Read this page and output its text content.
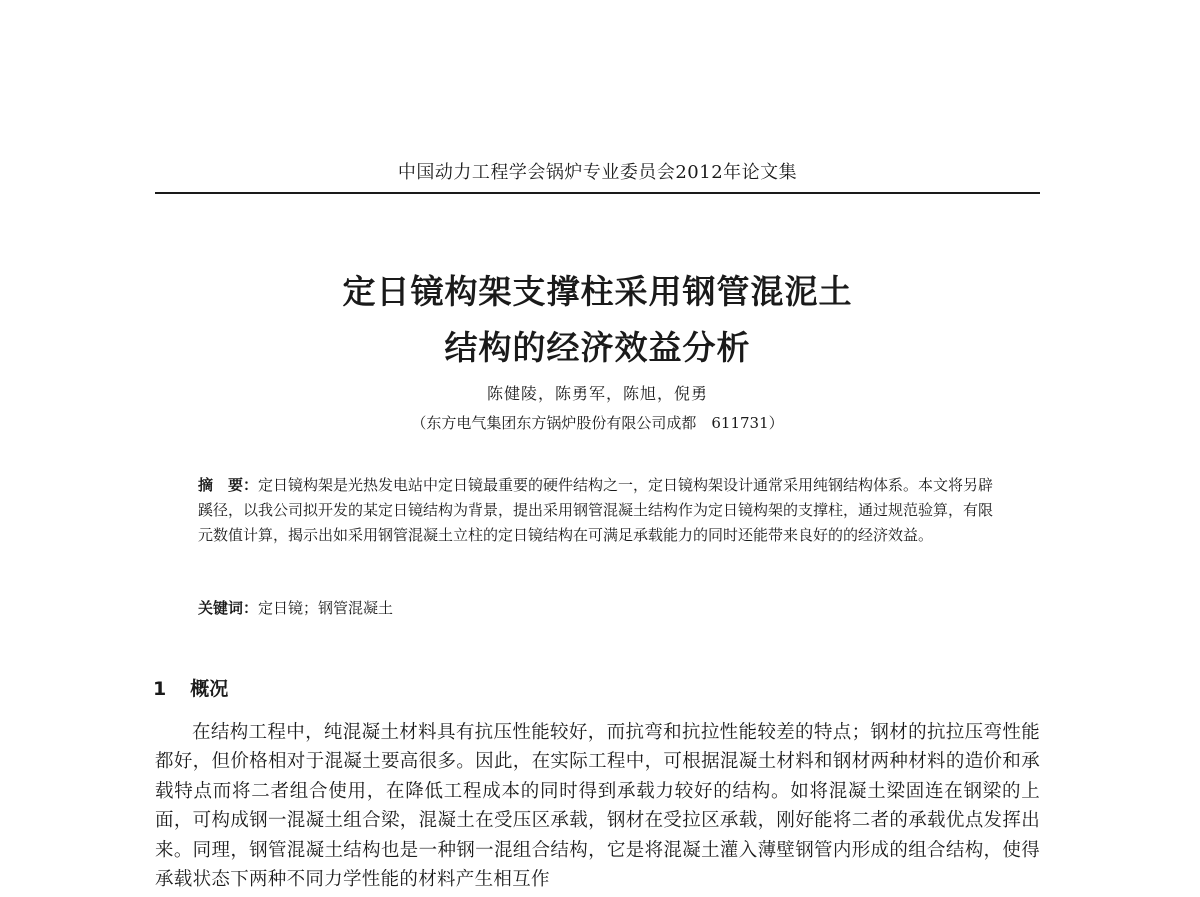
中国动力工程学会锅炉专业委员会2012年论文集
定日镜构架支撑柱采用钢管混泥土
结构的经济效益分析
陈健陵，陈勇军，陈旭，倪勇
（东方电气集团东方锅炉股份有限公司成都　611731）
摘　要：定日镜构架是光热发电站中定日镜最重要的硬件结构之一，定日镜构架设计通常采用纯钢结构体系。本文将另辟蹊径，以我公司拟开发的某定日镜结构为背景，提出采用钢管混凝土结构作为定日镜构架的支撑柱，通过规范验算，有限元数值计算，揭示出如采用钢管混凝土立柱的定日镜结构在可满足承载能力的同时还能带来良好的的经济效益。
关键词：定日镜；钢管混凝土
1 概况
在结构工程中，纯混凝土材料具有抗压性能较好，而抗弯和抗拉性能较差的特点；钢材的抗拉压弯性能都好，但价格相对于混凝土要高很多。因此，在实际工程中，可根据混凝土材料和钢材两种材料的造价和承载特点而将二者组合使用，在降低工程成本的同时得到承载力较好的结构。如将混凝土梁固连在钢梁的上面，可构成钢一混凝土组合梁，混凝土在受压区承载，钢材在受拉区承载，刚好能将二者的承载优点发挥出来。同理，钢管混凝土结构也是一种钢一混组合结构，它是将混凝土灌入薄壁钢管内形成的组合结构，使得承载状态下两种不同力学性能的材料产生相互作
